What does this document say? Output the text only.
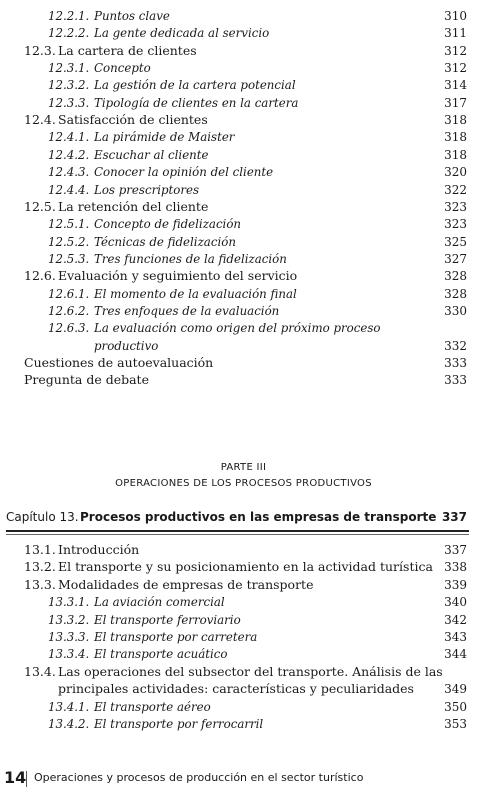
12.2.1. Puntos clave	310
12.2.2. La gente dedicada al servicio	311
12.3. La cartera de clientes	312
12.3.1. Concepto	312
12.3.2. La gestión de la cartera potencial	314
12.3.3. Tipología de clientes en la cartera	317
12.4. Satisfacción de clientes	318
12.4.1. La pirámide de Maister	318
12.4.2. Escuchar al cliente	318
12.4.3. Conocer la opinión del cliente	320
12.4.4. Los prescriptores	322
12.5. La retención del cliente	323
12.5.1. Concepto de fidelización	323
12.5.2. Técnicas de fidelización	325
12.5.3. Tres funciones de la fidelización	327
12.6. Evaluación y seguimiento del servicio	328
12.6.1. El momento de la evaluación final	328
12.6.2. Tres enfoques de la evaluación	330
12.6.3. La evaluación como origen del próximo proceso
productivo	332
Cuestiones de autoevaluación	333
Pregunta de debate	333
PARTE III
OPERACIONES DE LOS PROCESOS PRODUCTIVOS
Capítulo 13. Procesos productivos en las empresas de transporte 337
13.1. Introducción	337
13.2. El transporte y su posicionamiento en la actividad turística 338
13.3. Modalidades de empresas de transporte	339
13.3.1. La aviación comercial	340
13.3.2. El transporte ferroviario	342
13.3.3. El transporte por carretera	343
13.3.4. El transporte acuático	344
13.4. Las operaciones del subsector del transporte. Análisis de las
principales actividades: características y peculiaridades	349
13.4.1. El transporte aéreo	350
13.4.2. El transporte por ferrocarril	353
14 Operaciones y procesos de producción en el sector turístico
